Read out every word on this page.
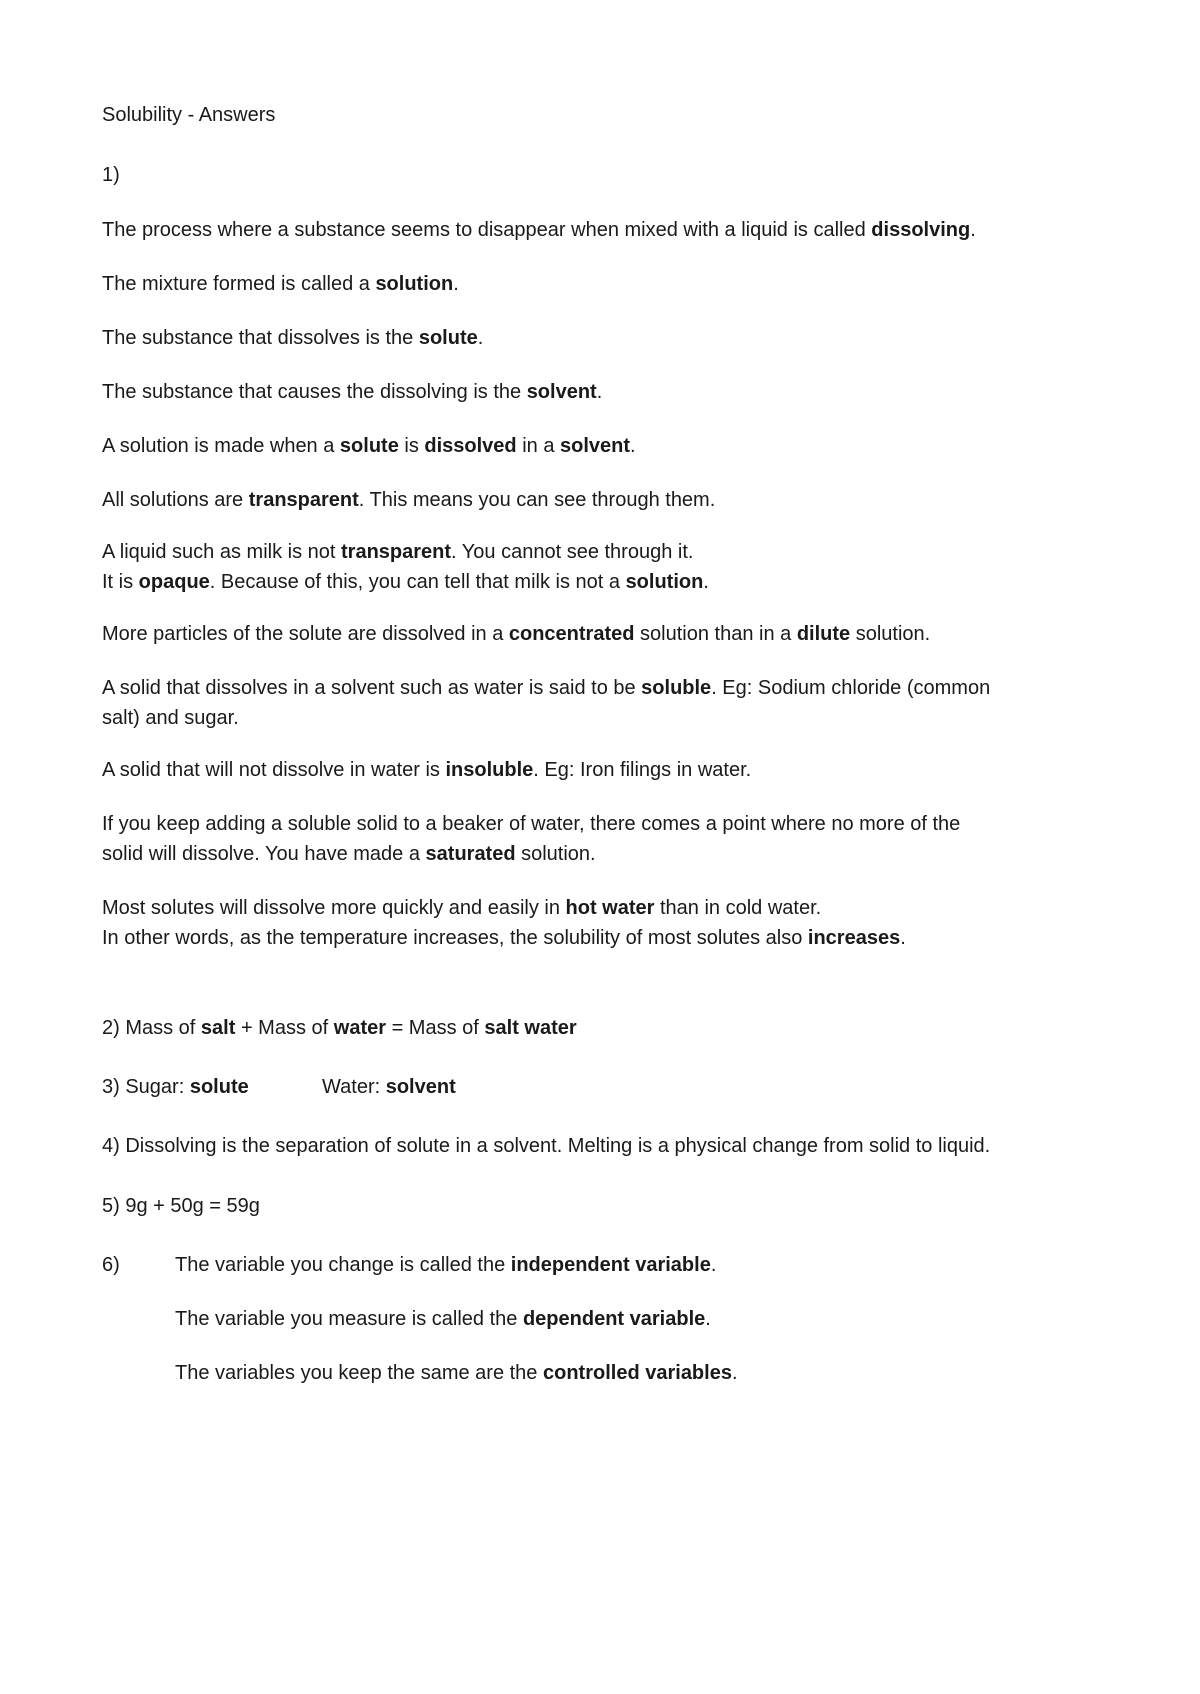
Solubility - Answers
1)
The process where a substance seems to disappear when mixed with a liquid is called dissolving.
The mixture formed is called a solution.
The substance that dissolves is the solute.
The substance that causes the dissolving is the solvent.
A solution is made when a solute is dissolved in a solvent.
All solutions are transparent. This means you can see through them.
A liquid such as milk is not transparent. You cannot see through it.
It is opaque. Because of this, you can tell that milk is not a solution.
More particles of the solute are dissolved in a concentrated solution than in a dilute solution.
A solid that dissolves in a solvent such as water is said to be soluble. Eg: Sodium chloride (common
salt) and sugar.
A solid that will not dissolve in water is insoluble. Eg: Iron filings in water.
If you keep adding a soluble solid to a beaker of water, there comes a point where no more of the
solid will dissolve. You have made a saturated solution.
Most solutes will dissolve more quickly and easily in hot water than in cold water.
In other words, as the temperature increases, the solubility of most solutes also increases.
2) Mass of salt + Mass of water = Mass of salt water
3) Sugar: solute	Water: solvent
4) Dissolving is the separation of solute in a solvent. Melting is a physical change from solid to liquid.
5) 9g + 50g = 59g
6)	The variable you change is called the independent variable.
The variable you measure is called the dependent variable.
The variables you keep the same are the controlled variables.
